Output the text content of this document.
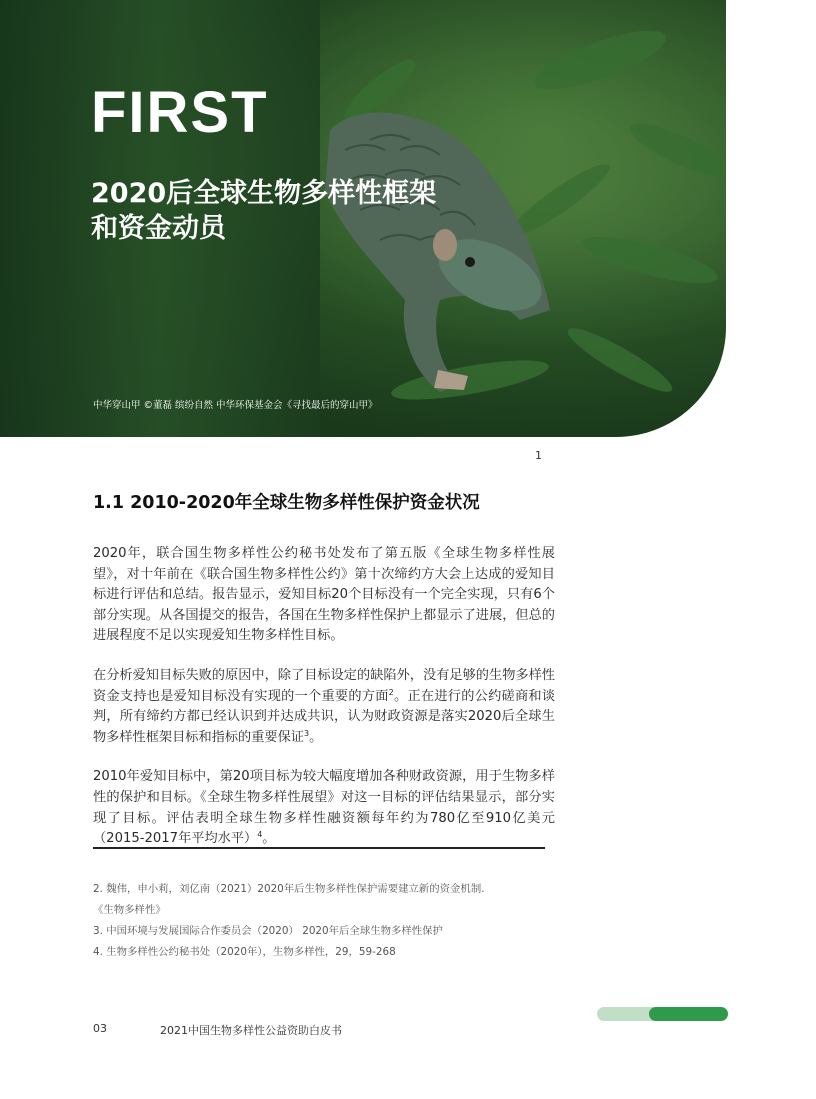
FIRST
2020后全球生物多样性框架
和资金动员

中华穿山甲 ©董磊 缤纷自然 中华环保基金会《寻找最后的穿山甲》

1
1.1 2010-2020年全球生物多样性保护资金状况

2020年，联合国生物多样性公约秘书处发布了第五版《全球生物多样性展望》，对十年前在《联合国生物多样性公约》第十次缔约方大会上达成的爱知目标进行评估和总结。报告显示，爱知目标20个目标没有一个完全实现，只有6个部分实现。从各国提交的报告，各国在生物多样性保护上都显示了进展，但总的进展程度不足以实现爱知生物多样性目标。

在分析爱知目标失败的原因中，除了目标设定的缺陷外，没有足够的生物多样性资金支持也是爱知目标没有实现的一个重要的方面$^2$。正在进行的公约磋商和谈判，所有缔约方都已经认识到并达成共识，认为财政资源是落实2020后全球生物多样性框架目标和指标的重要保证$^3$。

2010年爱知目标中，第20项目标为较大幅度增加各种财政资源，用于生物多样性的保护和目标。《全球生物多样性展望》对这一目标的评估结果显示，部分实现了目标。评估表明全球生物多样性融资额每年约为780亿至910亿美元（2015-2017年平均水平）$^4$。

2. 魏伟，申小莉，刘亿南（2021）2020年后生物多样性保护需要建立新的资金机制.
《生物多样性》
3. 中国环境与发展国际合作委员会（2020） 2020年后全球生物多样性保护
4. 生物多样性公约秘书处（2020年），生物多样性，29，59-268
03	2021中国生物多样性公益资助白皮书
